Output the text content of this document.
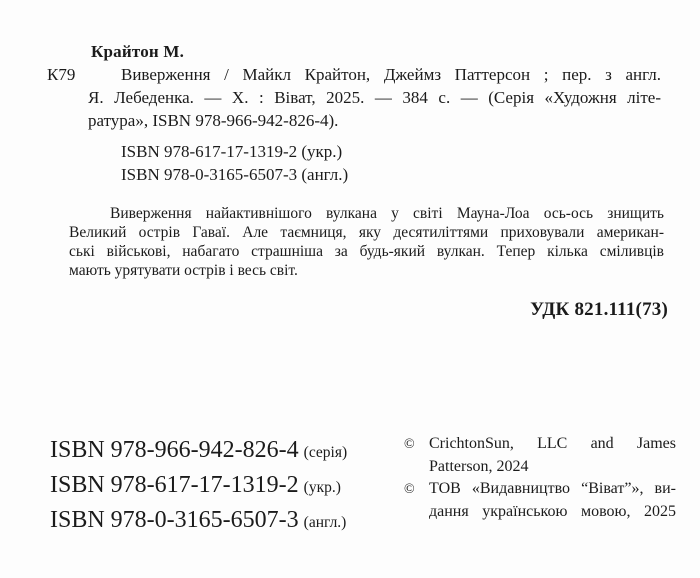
Крайтон М.
К79	Виверження / Майкл Крайтон, Джеймз Паттерсон ; пер. з англ.
Я. Лебеденка. — Х. : Віват, 2025. — 384 с. — (Серія «Художня літе-
ратура», ISBN 978-966-942-826-4).
ISBN 978-617-17-1319-2 (укр.)
ISBN 978-0-3165-6507-3 (англ.)
Виверження найактивнішого вулкана у світі Мауна-Лоа ось-ось знищить
Великий острів Гаваї. Але таємниця, яку десятиліттями приховували американ-
ські військові, набагато страшніша за будь-який вулкан. Тепер кілька сміливців
мають урятувати острів і весь світ.
УДК 821.111(73)
ISBN 978-966-942-826-4 (серія)
ISBN 978-617-17-1319-2 (укр.)
ISBN 978-0-3165-6507-3 (англ.)
© CrichtonSun, LLC and James
Patterson, 2024
© ТОВ «Видавництво “Віват”», ви-
дання українською мовою, 2025
